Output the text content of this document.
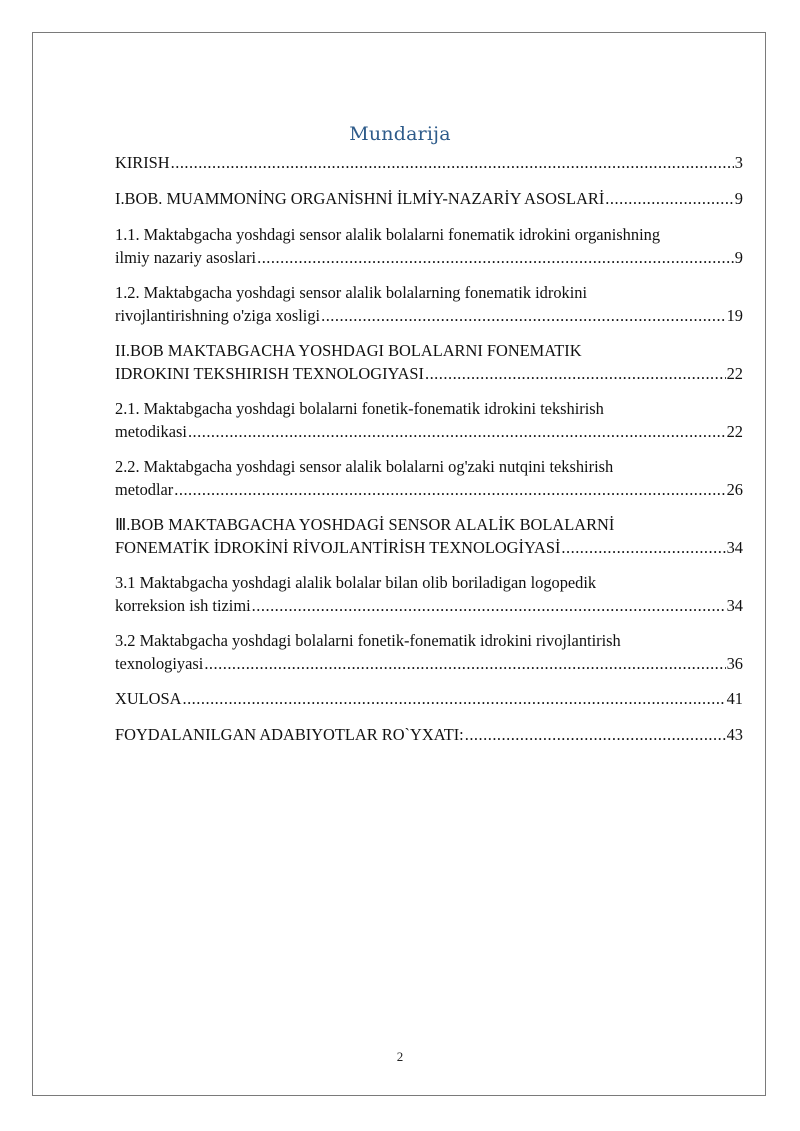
Mundarija
KIRISH .....	3
I.BOB. MUAMMONİNG ORGANİSHNİ İLMİY-NAZARİY ASOSLARİ .....	9
1.1. Maktabgacha yoshdagi sensor alalik bolalarni fonematik idrokini organishning
ilmiy nazariy asoslari .....	9
1.2. Maktabgacha yoshdagi sensor alalik bolalarning fonematik idrokini
rivojlantirishning o'ziga xosligi .....	19
II.BOB MAKTABGACHA YOSHDAGI BOLALARNI FONEMATIK
IDROKINI TEKSHIRISH TEXNOLOGIYASI .....	22
2.1. Maktabgacha yoshdagi bolalarni fonetik-fonematik idrokini tekshirish
metodikasi .....	22
2.2. Maktabgacha yoshdagi sensor alalik bolalarni og'zaki nutqini tekshirish
metodlar .....	26
Ⅲ.BOB MAKTABGACHA YOSHDAGİ SENSOR ALALİK BOLALARNİ
FONEMATİK İDROKİNİ RİVOJLANTİRİSH TEXNOLOGİYASİ .....	34
3.1 Maktabgacha yoshdagi alalik bolalar bilan olib boriladigan logopedik
korreksion ish tizimi .....	34
3.2 Maktabgacha yoshdagi bolalarni fonetik-fonematik idrokini rivojlantirish
texnologiyasi .....	36
XULOSA .....	41
FOYDALANILGAN ADABIYOTLAR RO`YXATI: .....	43
2
